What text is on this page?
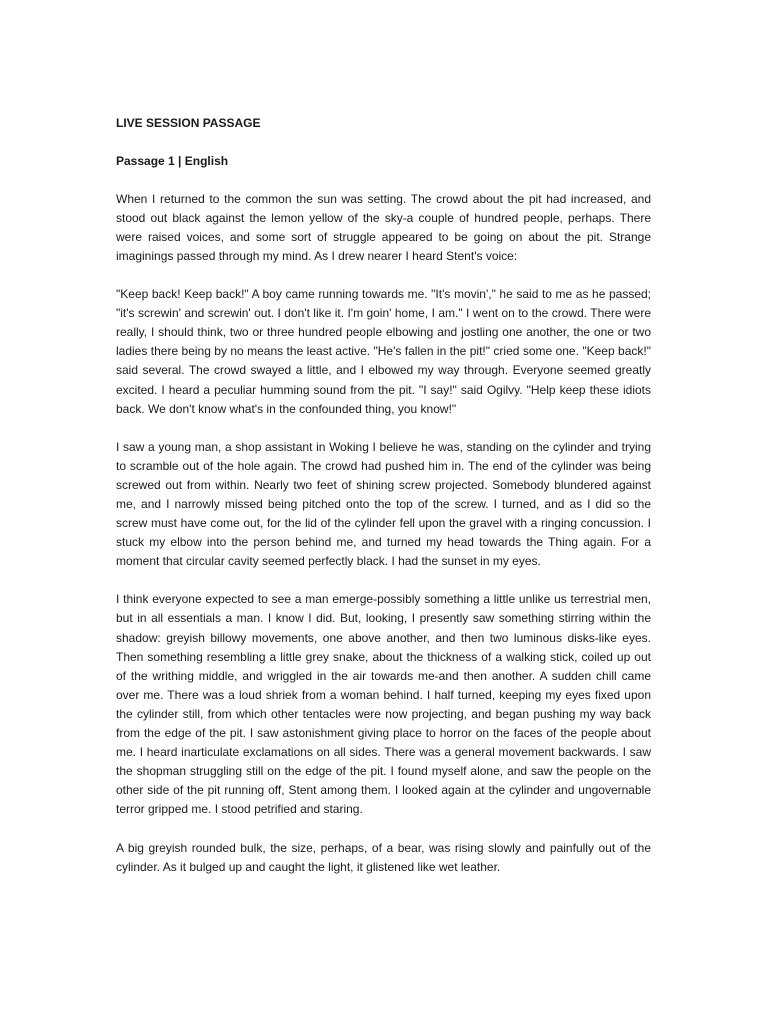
LIVE SESSION PASSAGE

Passage 1 | English

When I returned to the common the sun was setting. The crowd about the pit had increased, and stood out black against the lemon yellow of the sky-a couple of hundred people, perhaps. There were raised voices, and some sort of struggle appeared to be going on about the pit. Strange imaginings passed through my mind. As I drew nearer I heard Stent's voice:

"Keep back! Keep back!" A boy came running towards me. "It's movin'," he said to me as he passed; "it's screwin' and screwin' out. I don't like it. I'm goin' home, I am." I went on to the crowd. There were really, I should think, two or three hundred people elbowing and jostling one another, the one or two ladies there being by no means the least active. "He's fallen in the pit!" cried some one. "Keep back!" said several. The crowd swayed a little, and I elbowed my way through. Everyone seemed greatly excited. I heard a peculiar humming sound from the pit. "I say!" said Ogilvy. "Help keep these idiots back. We don't know what's in the confounded thing, you know!"

I saw a young man, a shop assistant in Woking I believe he was, standing on the cylinder and trying to scramble out of the hole again. The crowd had pushed him in. The end of the cylinder was being screwed out from within. Nearly two feet of shining screw projected. Somebody blundered against me, and I narrowly missed being pitched onto the top of the screw. I turned, and as I did so the screw must have come out, for the lid of the cylinder fell upon the gravel with a ringing concussion. I stuck my elbow into the person behind me, and turned my head towards the Thing again. For a moment that circular cavity seemed perfectly black. I had the sunset in my eyes.

I think everyone expected to see a man emerge-possibly something a little unlike us terrestrial men, but in all essentials a man. I know I did. But, looking, I presently saw something stirring within the shadow: greyish billowy movements, one above another, and then two luminous disks-like eyes. Then something resembling a little grey snake, about the thickness of a walking stick, coiled up out of the writhing middle, and wriggled in the air towards me-and then another. A sudden chill came over me. There was a loud shriek from a woman behind. I half turned, keeping my eyes fixed upon the cylinder still, from which other tentacles were now projecting, and began pushing my way back from the edge of the pit. I saw astonishment giving place to horror on the faces of the people about me. I heard inarticulate exclamations on all sides. There was a general movement backwards. I saw the shopman struggling still on the edge of the pit. I found myself alone, and saw the people on the other side of the pit running off, Stent among them. I looked again at the cylinder and ungovernable terror gripped me. I stood petrified and staring.

A big greyish rounded bulk, the size, perhaps, of a bear, was rising slowly and painfully out of the cylinder. As it bulged up and caught the light, it glistened like wet leather.
